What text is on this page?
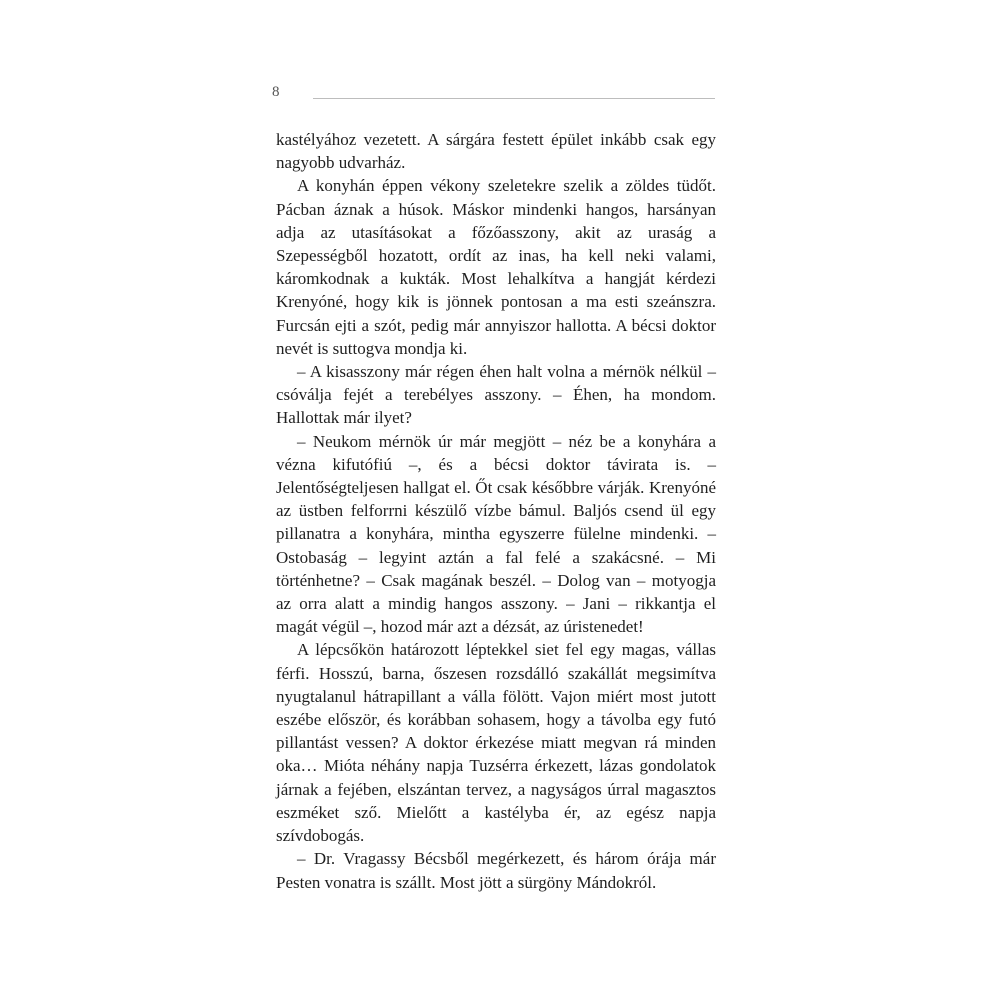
8

kastélyához vezetett. A sárgára festett épület inkább csak egy nagyobb udvarház.

A konyhán éppen vékony szeletekre szelik a zöldes tüdőt. Pácban áznak a húsok. Máskor mindenki hangos, harsányan adja az utasításokat a főzőasszony, akit az uraság a Szepességből hozatott, ordít az inas, ha kell neki valami, káromkodnak a kukták. Most lehalkítva a hangját kérdezi Krenyóné, hogy kik is jönnek pontosan a ma esti szeánszra. Furcsán ejti a szót, pedig már annyiszor hallotta. A bécsi doktor nevét is suttogva mondja ki.

– A kisasszony már régen éhen halt volna a mérnök nélkül – csóválja fejét a terebélyes asszony. – Éhen, ha mondom. Hallottak már ilyet?

– Neukom mérnök úr már megjött – néz be a konyhára a vézna kifutófiú –, és a bécsi doktor távirata is. – Jelentőségteljesen hallgat el. Őt csak későbbre várják. Krenyóné az üstben felforrni készülő vízbe bámul. Baljós csend ül egy pillanatra a konyhára, mintha egyszerre fülelne mindenki. – Ostobaság – legyint aztán a fal felé a szakácsné. – Mi történhetne? – Csak magának beszél. – Dolog van – motyogja az orra alatt a mindig hangos asszony. – Jani – rikkantja el magát végül –, hozod már azt a dézsát, az úristenedet!

A lépcsőkön határozott léptekkel siet fel egy magas, vállas férfi. Hosszú, barna, őszesen rozsdálló szakállát megsimítva nyugtalanul hátrapillant a válla fölött. Vajon miért most jutott eszébe először, és korábban sohasem, hogy a távolba egy futó pillantást vessen? A doktor érkezése miatt megvan rá minden oka… Mióta néhány napja Tuzsérra érkezett, lázas gondolatok járnak a fejében, elszántan tervez, a nagyságos úrral magasztos eszméket sző. Mielőtt a kastélyba ér, az egész napja szívdobogás.

– Dr. Vragassy Bécsből megérkezett, és három órája már Pesten vonatra is szállt. Most jött a sürgöny Mándokról.
